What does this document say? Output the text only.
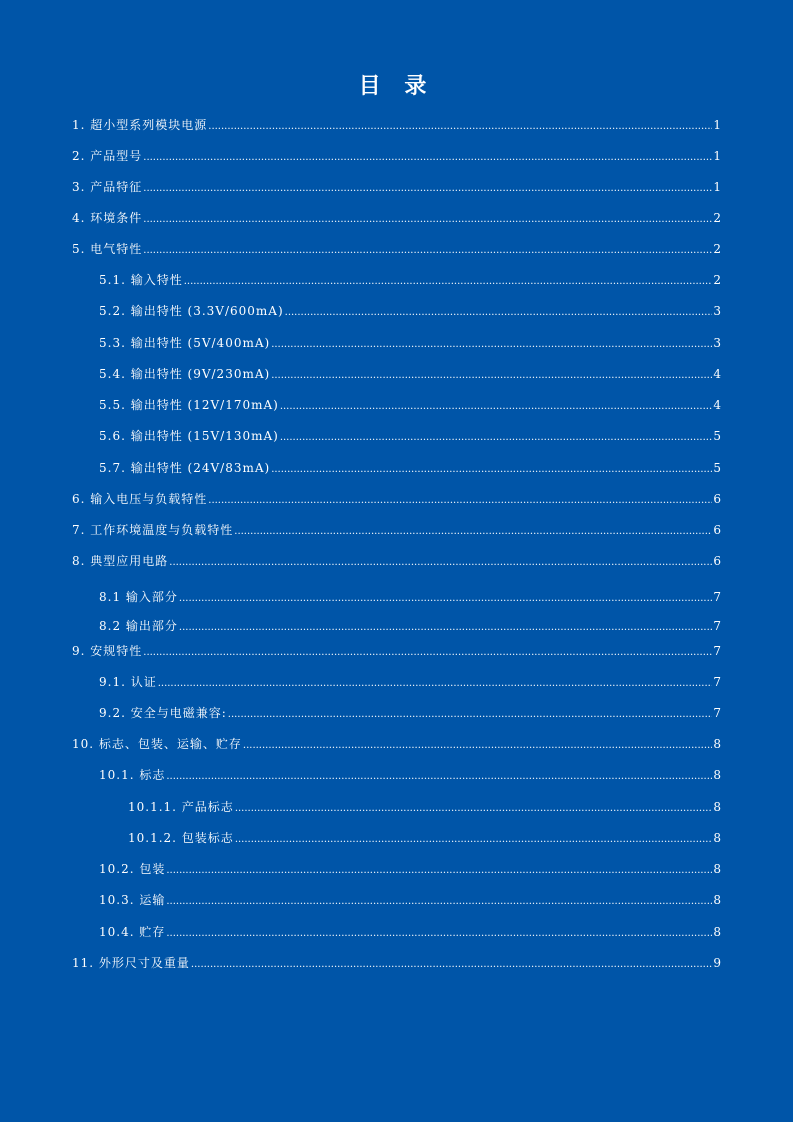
目 录
1. 超小型系列模块电源 .....	1
2. 产品型号 .....	1
3. 产品特征 .....	1
4. 环境条件 .....	2
5. 电气特性 .....	2
5.1. 输入特性 .....	2
5.2. 输出特性 (3.3V/600mA) .....	3
5.3. 输出特性 (5V/400mA) .....	3
5.4. 输出特性 (9V/230mA) .....	4
5.5. 输出特性 (12V/170mA) .....	4
5.6. 输出特性 (15V/130mA) .....	5
5.7. 输出特性 (24V/83mA) .....	5
6. 输入电压与负载特性 .....	6
7. 工作环境温度与负载特性 .....	6
8. 典型应用电路 .....	6
8.1 输入部分 .....	7
8.2 输出部分 .....	7
9. 安规特性 .....	7
9.1. 认证 .....	7
9.2. 安全与电磁兼容: .....	7
10. 标志、包装、运输、贮存 .....	8
10.1. 标志 .....	8
10.1.1. 产品标志 .....	8
10.1.2. 包装标志 .....	8
10.2. 包装 .....	8
10.3. 运输 .....	8
10.4. 贮存 .....	8
11. 外形尺寸及重量 .....	9
